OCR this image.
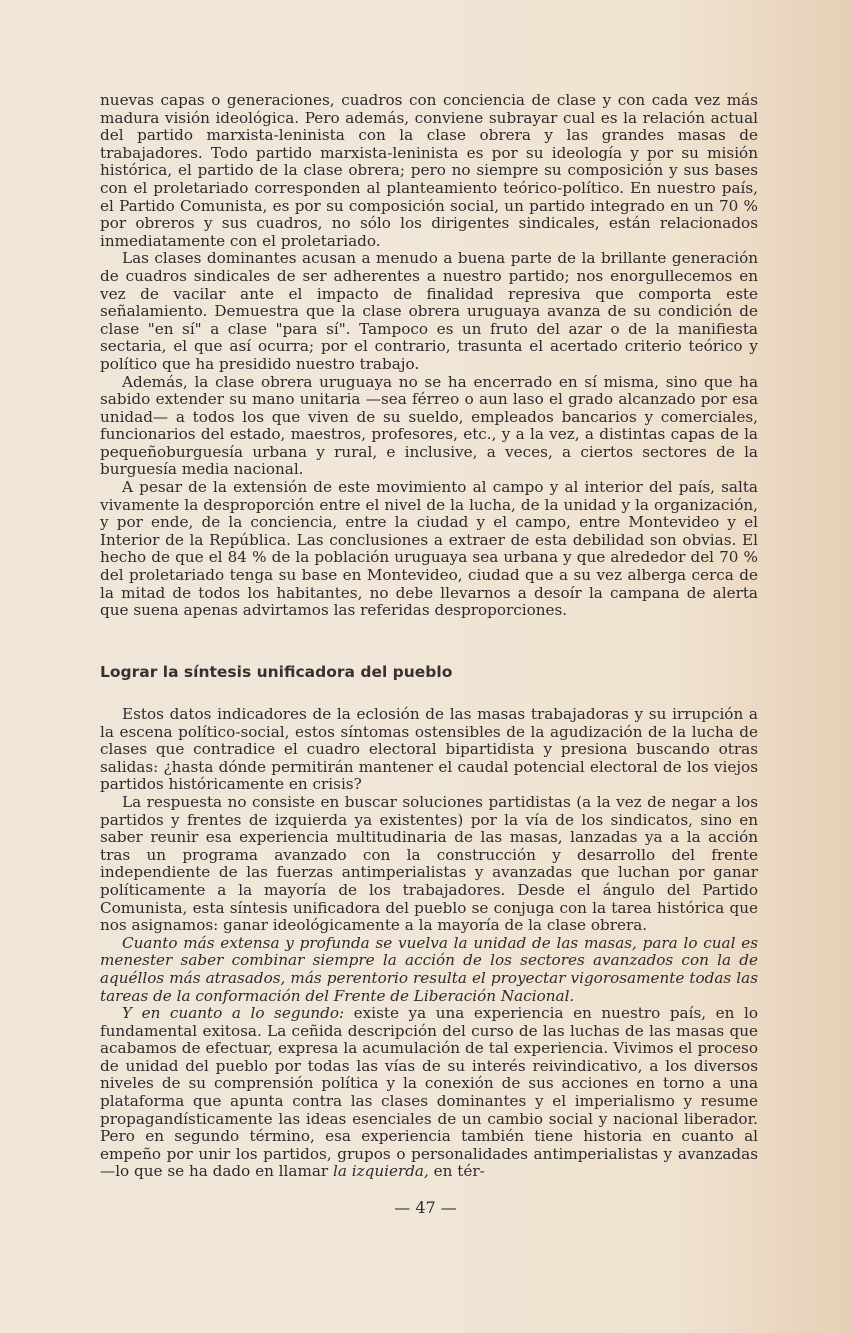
nuevas capas o generaciones, cuadros con conciencia de clase y con cada vez más madura visión ideológica. Pero además, conviene subrayar cual es la relación actual del partido marxista-leninista con la clase obrera y las grandes masas de trabajadores. Todo partido marxista-leninista es por su ideología y por su misión histórica, el partido de la clase obrera; pero no siempre su composición y sus bases con el proletariado corresponden al planteamiento teórico-político. En nuestro país, el Partido Comunista, es por su composición social, un partido integrado en un 70 % por obreros y sus cuadros, no sólo los dirigentes sindicales, están relacionados inmediatamente con el proletariado.

Las clases dominantes acusan a menudo a buena parte de la brillante generación de cuadros sindicales de ser adherentes a nuestro partido; nos enorgullecemos en vez de vacilar ante el impacto de finalidad represiva que comporta este señalamiento. Demuestra que la clase obrera uruguaya avanza de su condición de clase "en sí" a clase "para sí". Tampoco es un fruto del azar o de la manifiesta sectaria, el que así ocurra; por el contrario, trasunta el acertado criterio teórico y político que ha presidido nuestro trabajo.

Además, la clase obrera uruguaya no se ha encerrado en sí misma, sino que ha sabido extender su mano unitaria —sea férreo o aun laso el grado alcanzado por esa unidad— a todos los que viven de su sueldo, empleados bancarios y comerciales, funcionarios del estado, maestros, profesores, etc., y a la vez, a distintas capas de la pequeñoburguesía urbana y rural, e inclusive, a veces, a ciertos sectores de la burguesía media nacional.

A pesar de la extensión de este movimiento al campo y al interior del país, salta vivamente la desproporción entre el nivel de la lucha, de la unidad y la organización, y por ende, de la conciencia, entre la ciudad y el campo, entre Montevideo y el Interior de la República. Las conclusiones a extraer de esta debilidad son obvias. El hecho de que el 84 % de la población uruguaya sea urbana y que alrededor del 70 % del proletariado tenga su base en Montevideo, ciudad que a su vez alberga cerca de la mitad de todos los habitantes, no debe llevarnos a desoír la campana de alerta que suena apenas advirtamos las referidas desproporciones.

Lograr la síntesis unificadora del pueblo

Estos datos indicadores de la eclosión de las masas trabajadoras y su irrupción a la escena político-social, estos síntomas ostensibles de la agudización de la lucha de clases que contradice el cuadro electoral bipartidista y presiona buscando otras salidas: ¿hasta dónde permitirán mantener el caudal potencial electoral de los viejos partidos históricamente en crisis?

La respuesta no consiste en buscar soluciones partidistas (a la vez de negar a los partidos y frentes de izquierda ya existentes) por la vía de los sindicatos, sino en saber reunir esa experiencia multitudinaria de las masas, lanzadas ya a la acción tras un programa avanzado con la construcción y desarrollo del frente independiente de las fuerzas antimperialistas y avanzadas que luchan por ganar políticamente a la mayoría de los trabajadores. Desde el ángulo del Partido Comunista, esta síntesis unificadora del pueblo se conjuga con la tarea histórica que nos asignamos: ganar ideológicamente a la mayoría de la clase obrera.

Cuanto más extensa y profunda se vuelva la unidad de las masas, para lo cual es menester saber combinar siempre la acción de los sectores avanzados con la de aquéllos más atrasados, más perentorio resulta el proyectar vigorosamente todas las tareas de la conformación del Frente de Liberación Nacional.

Y en cuanto a lo segundo: existe ya una experiencia en nuestro país, en lo fundamental exitosa. La ceñida descripción del curso de las luchas de las masas que acabamos de efectuar, expresa la acumulación de tal experiencia. Vivimos el proceso de unidad del pueblo por todas las vías de su interés reivindicativo, a los diversos niveles de su comprensión política y la conexión de sus acciones en torno a una plataforma que apunta contra las clases dominantes y el imperialismo y resume propagandísticamente las ideas esenciales de un cambio social y nacional liberador. Pero en segundo término, esa experiencia también tiene historia en cuanto al empeño por unir los partidos, grupos o personalidades antimperialistas y avanzadas —lo que se ha dado en llamar la izquierda, en tér-

— 47 —
